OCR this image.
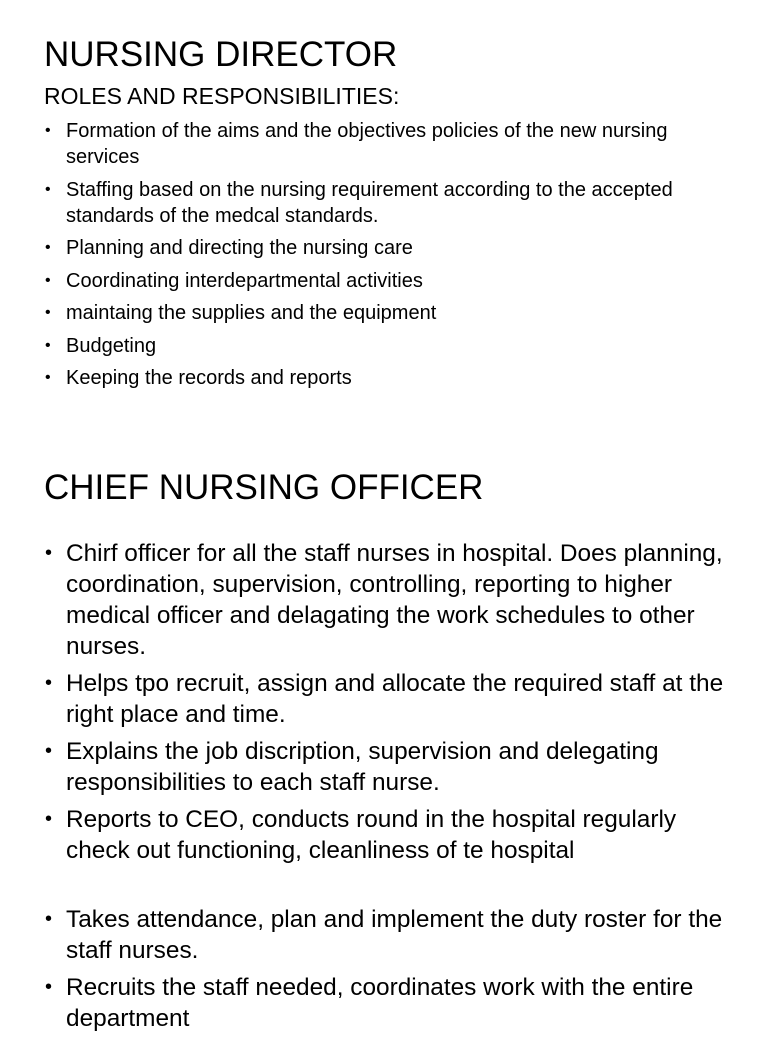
NURSING DIRECTOR
ROLES AND RESPONSIBILITIES:
• Formation of the aims and the objectives policies of the new nursing services
• Staffing based on the nursing requirement according to the accepted standards of the medcal standards.
• Planning and directing the nursing care
• Coordinating interdepartmental activities
• maintaing the supplies and the equipment
• Budgeting
• Keeping the records and reports
CHIEF NURSING OFFICER
• Chirf officer for all the staff nurses in hospital. Does planning, coordination, supervision, controlling, reporting to higher medical officer and delagating the work schedules to other nurses.
• Helps tpo recruit, assign and allocate the required staff at the right place and time.
• Explains the job discription, supervision and delegating responsibilities to each staff nurse.
• Reports to CEO, conducts round in the hospital regularly check out functioning, cleanliness of te hospital
• Takes attendance, plan and implement the duty roster for the staff nurses.
• Recruits the staff needed, coordinates work with the entire department
